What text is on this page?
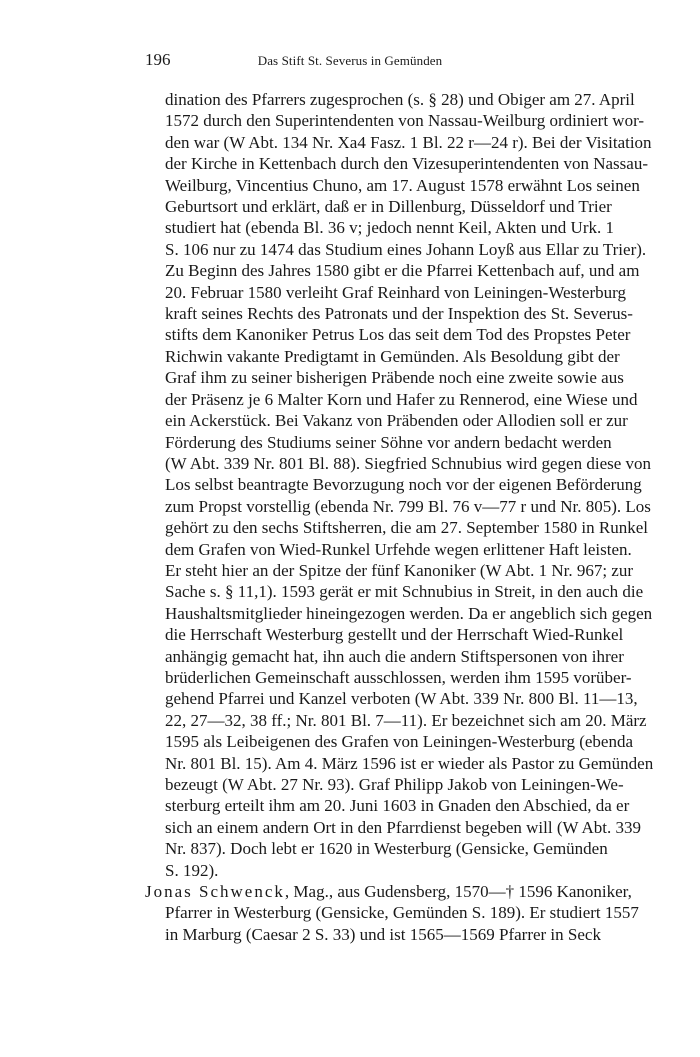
196	Das Stift St. Severus in Gemünden
dination des Pfarrers zugesprochen (s. § 28) und Obiger am 27. April
1572 durch den Superintendenten von Nassau-Weilburg ordiniert wor-
den war (W Abt. 134 Nr. Xa4 Fasz. 1 Bl. 22 r—24 r). Bei der Visitation
der Kirche in Kettenbach durch den Vizesuperintendenten von Nassau-
Weilburg, Vincentius Chuno, am 17. August 1578 erwähnt Los seinen
Geburtsort und erklärt, daß er in Dillenburg, Düsseldorf und Trier
studiert hat (ebenda Bl. 36 v; jedoch nennt Keil, Akten und Urk. 1
S. 106 nur zu 1474 das Studium eines Johann Loyß aus Ellar zu Trier).
Zu Beginn des Jahres 1580 gibt er die Pfarrei Kettenbach auf, und am
20. Februar 1580 verleiht Graf Reinhard von Leiningen-Westerburg
kraft seines Rechts des Patronats und der Inspektion des St. Severus-
stifts dem Kanoniker Petrus Los das seit dem Tod des Propstes Peter
Richwin vakante Predigtamt in Gemünden. Als Besoldung gibt der
Graf ihm zu seiner bisherigen Präbende noch eine zweite sowie aus
der Präsenz je 6 Malter Korn und Hafer zu Rennerod, eine Wiese und
ein Ackerstück. Bei Vakanz von Präbenden oder Allodien soll er zur
Förderung des Studiums seiner Söhne vor andern bedacht werden
(W Abt. 339 Nr. 801 Bl. 88). Siegfried Schnubius wird gegen diese von
Los selbst beantragte Bevorzugung noch vor der eigenen Beförderung
zum Propst vorstellig (ebenda Nr. 799 Bl. 76 v—77 r und Nr. 805). Los
gehört zu den sechs Stiftsherren, die am 27. September 1580 in Runkel
dem Grafen von Wied-Runkel Urfehde wegen erlittener Haft leisten.
Er steht hier an der Spitze der fünf Kanoniker (W Abt. 1 Nr. 967; zur
Sache s. § 11,1). 1593 gerät er mit Schnubius in Streit, in den auch die
Haushaltsmitglieder hineingezogen werden. Da er angeblich sich gegen
die Herrschaft Westerburg gestellt und der Herrschaft Wied-Runkel
anhängig gemacht hat, ihn auch die andern Stiftspersonen von ihrer
brüderlichen Gemeinschaft ausschlossen, werden ihm 1595 vorüber-
gehend Pfarrei und Kanzel verboten (W Abt. 339 Nr. 800 Bl. 11—13,
22, 27—32, 38 ff.; Nr. 801 Bl. 7—11). Er bezeichnet sich am 20. März
1595 als Leibeigenen des Grafen von Leiningen-Westerburg (ebenda
Nr. 801 Bl. 15). Am 4. März 1596 ist er wieder als Pastor zu Gemünden
bezeugt (W Abt. 27 Nr. 93). Graf Philipp Jakob von Leiningen-We-
sterburg erteilt ihm am 20. Juni 1603 in Gnaden den Abschied, da er
sich an einem andern Ort in den Pfarrdienst begeben will (W Abt. 339
Nr. 837). Doch lebt er 1620 in Westerburg (Gensicke, Gemünden
S. 192).
Jonas Schwenck, Mag., aus Gudensberg, 1570—† 1596 Kanoniker,
Pfarrer in Westerburg (Gensicke, Gemünden S. 189). Er studiert 1557
in Marburg (Caesar 2 S. 33) und ist 1565—1569 Pfarrer in Seck
